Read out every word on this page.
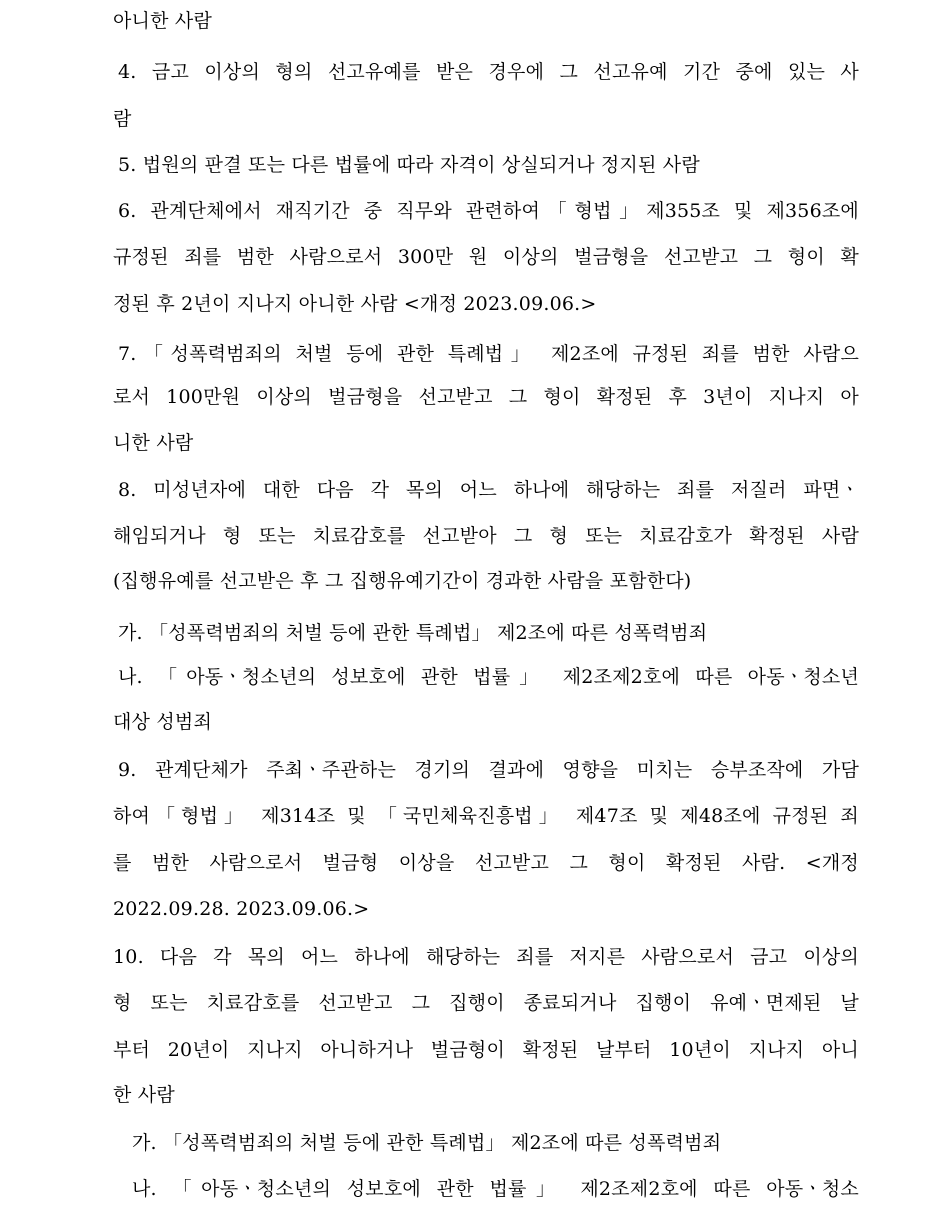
아니한 사람
4. 금고 이상의 형의 선고유예를 받은 경우에 그 선고유예 기간 중에 있는 사
람
5. 법원의 판결 또는 다른 법률에 따라 자격이 상실되거나 정지된 사람
6. 관계단체에서 재직기간 중 직무와 관련하여「형법」제355조 및 제356조에
규정된 죄를 범한 사람으로서 300만 원 이상의 벌금형을 선고받고 그 형이 확
정된 후 2년이 지나지 아니한 사람 <개정 2023.09.06.>
7.「성폭력범죄의 처벌 등에 관한 특례법」 제2조에 규정된 죄를 범한 사람으
로서 100만원 이상의 벌금형을 선고받고 그 형이 확정된 후 3년이 지나지 아
니한 사람
8. 미성년자에 대한 다음 각 목의 어느 하나에 해당하는 죄를 저질러 파면ㆍ
해임되거나 형 또는 치료감호를 선고받아 그 형 또는 치료감호가 확정된 사람
(집행유예를 선고받은 후 그 집행유예기간이 경과한 사람을 포함한다)
가. 「성폭력범죄의 처벌 등에 관한 특례법」 제2조에 따른 성폭력범죄
나. 「아동ㆍ청소년의 성보호에 관한 법률」 제2조제2호에 따른 아동ㆍ청소년
대상 성범죄
9. 관계단체가 주최ㆍ주관하는 경기의 결과에 영향을 미치는 승부조작에 가담
하여「형법」 제314조 및 「국민체육진흥법」 제47조 및 제48조에 규정된 죄
를 범한 사람으로서 벌금형 이상을 선고받고 그 형이 확정된 사람. <개정
2022.09.28. 2023.09.06.>
10. 다음 각 목의 어느 하나에 해당하는 죄를 저지른 사람으로서 금고 이상의
형 또는 치료감호를 선고받고 그 집행이 종료되거나 집행이 유예ㆍ면제된 날
부터 20년이 지나지 아니하거나 벌금형이 확정된 날부터 10년이 지나지 아니
한 사람
가. 「성폭력범죄의 처벌 등에 관한 특례법」 제2조에 따른 성폭력범죄
나. 「아동ㆍ청소년의 성보호에 관한 법률」 제2조제2호에 따른 아동ㆍ청소
